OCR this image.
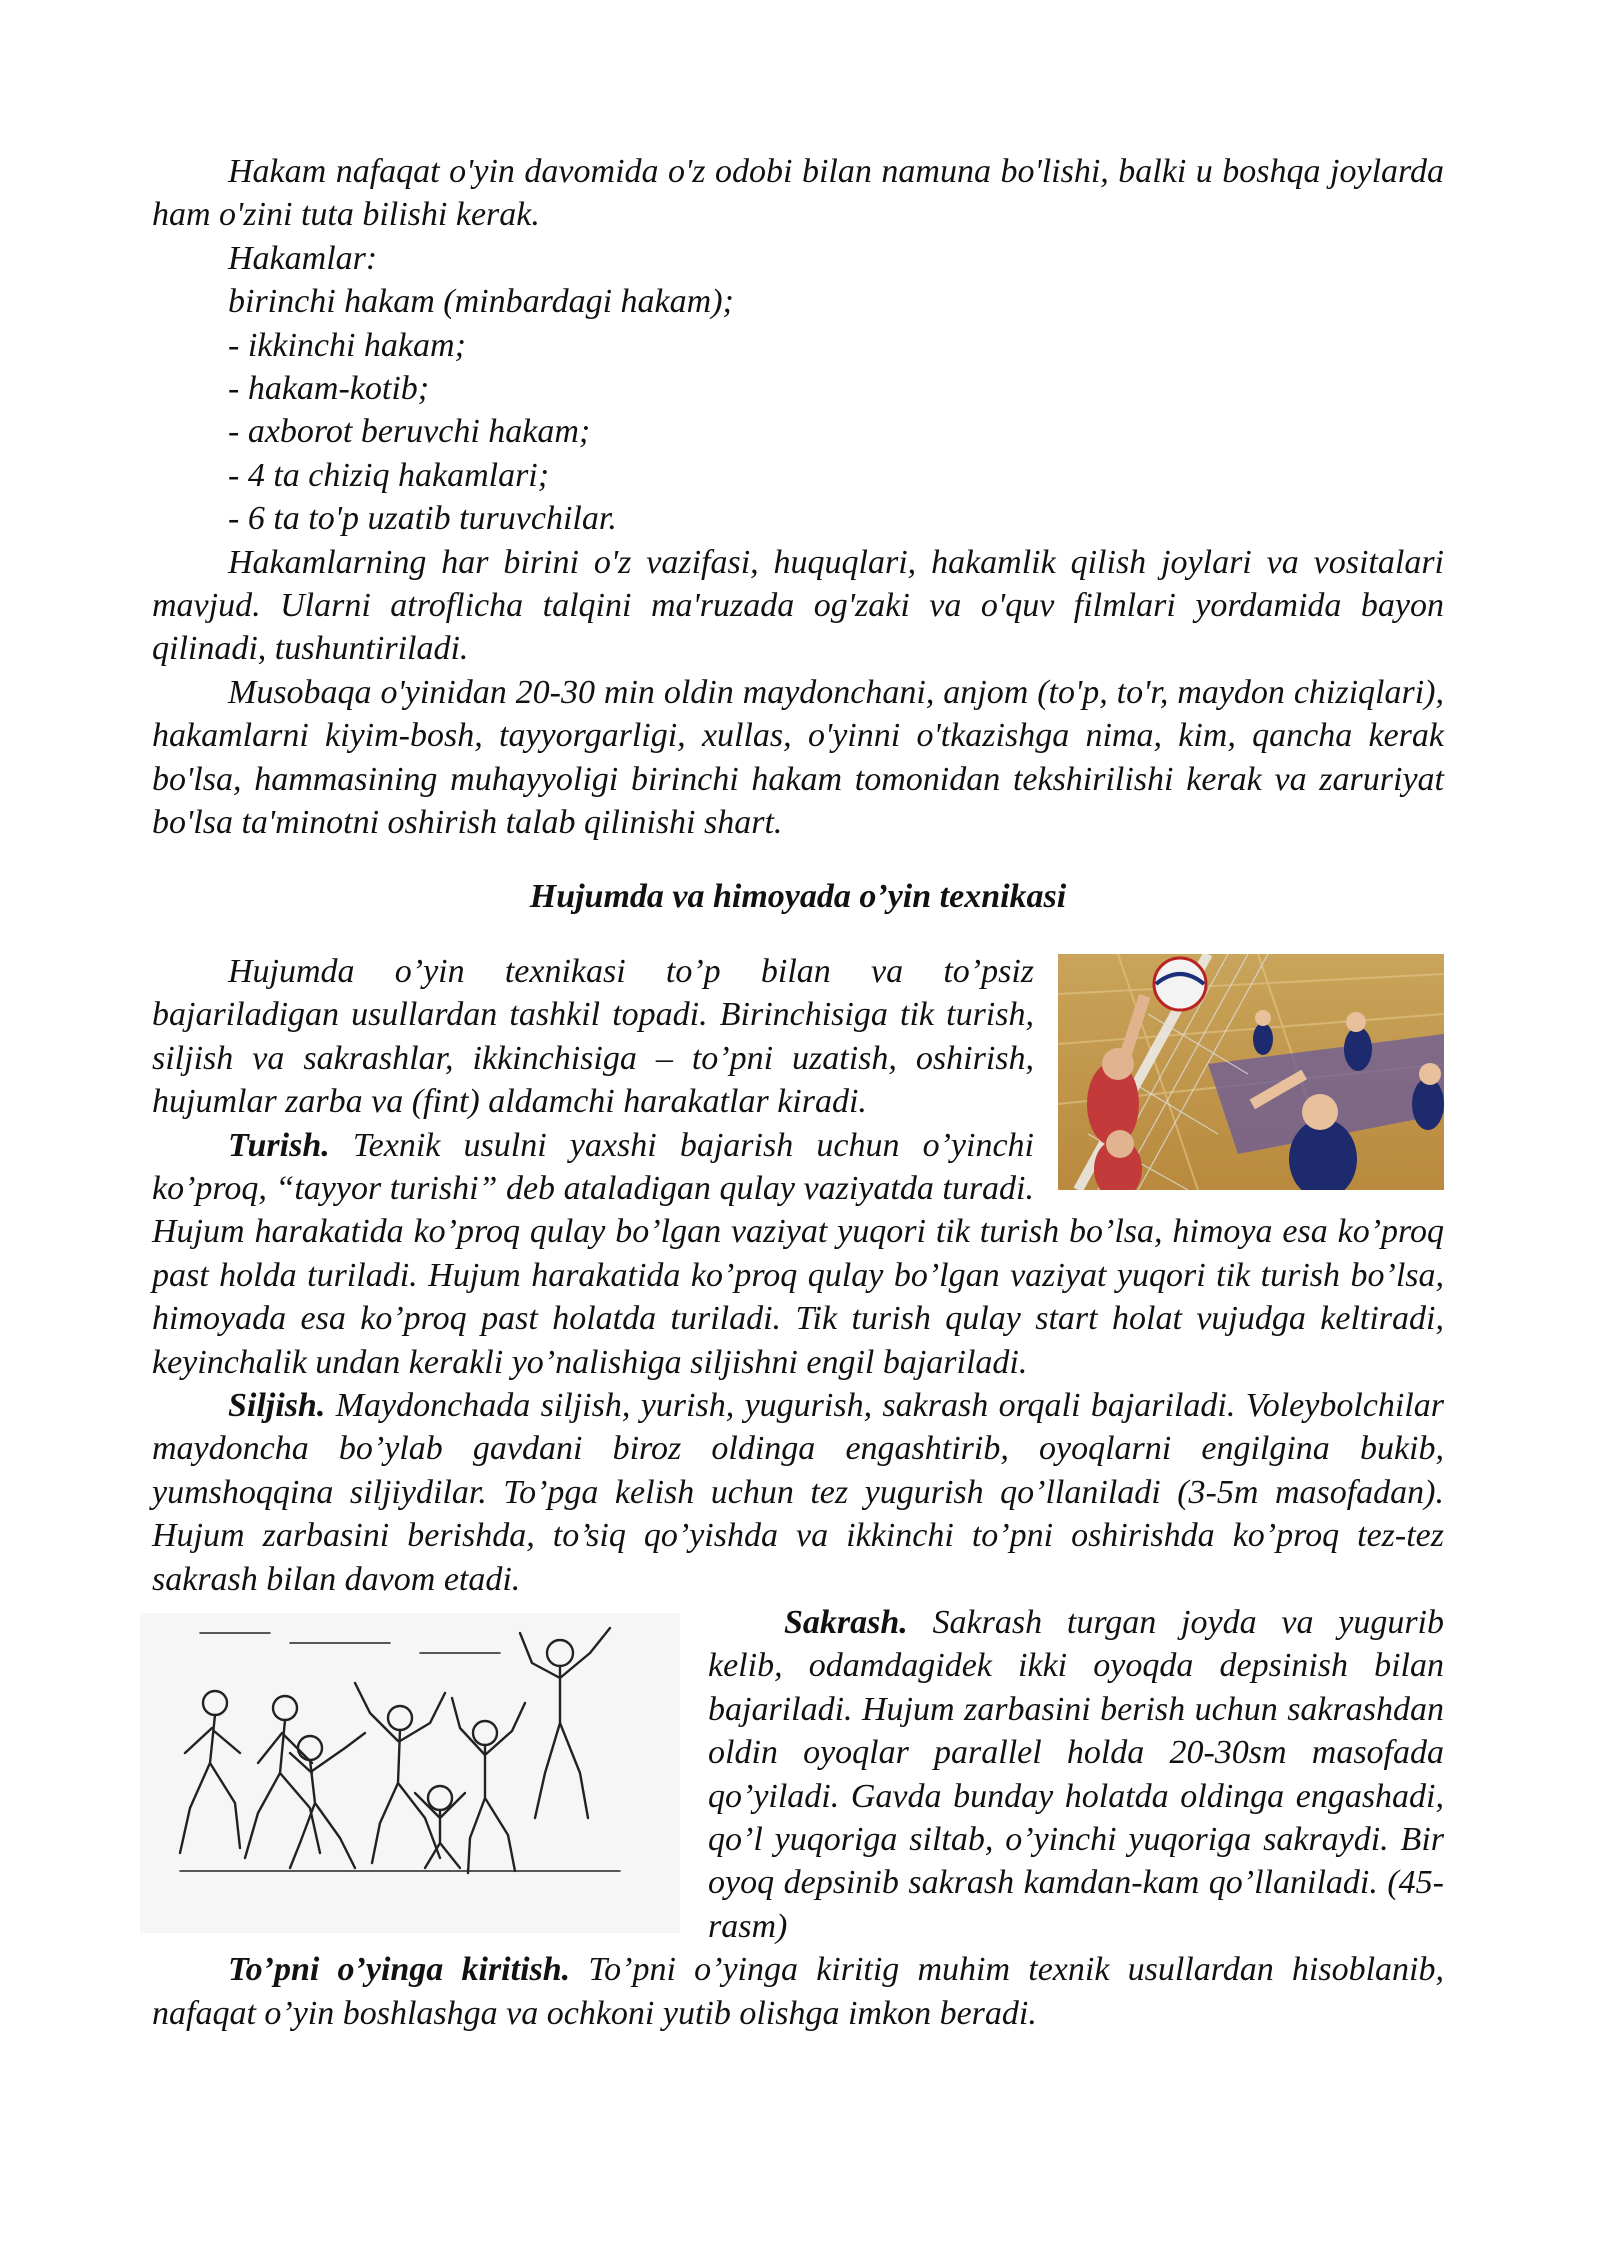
Hakam nafaqat o'yin davomida o'z odobi bilan namuna bo'lishi, balki u boshqa joylarda ham o'zini tuta bilishi kerak.

Hakamlar:
birinchi hakam (minbardagi hakam);
- ikkinchi hakam;
- hakam-kotib;
- axborot beruvchi hakam;
- 4 ta chiziq hakamlari;
- 6 ta to'p uzatib turuvchilar.

Hakamlarning har birini o'z vazifasi, huquqlari, hakamlik qilish joylari va vositalari mavjud. Ularni atroflicha talqini ma'ruzada og'zaki va o'quv filmlari yordamida bayon qilinadi, tushuntiriladi.

Musobaqa o'yinidan 20-30 min oldin maydonchani, anjom (to'p, to'r, maydon chiziqlari), hakamlarni kiyim-bosh, tayyorgarligi, xullas, o'yinni o'tkazishga nima, kim, qancha kerak bo'lsa, hammasining muhayyoligi birinchi hakam tomonidan tekshirilishi kerak va zaruriyat bo'lsa ta'minotni oshirish talab qilinishi shart.

Hujumda va himoyada o’yin texnikasi

Hujumda o’yin texnikasi to’p bilan va to’psiz bajariladigan usullardan tashkil topadi. Birinchisiga tik turish, siljish va sakrashlar, ikkinchisiga – to’pni uzatish, oshirish, hujumlar zarba va (fint) aldamchi harakatlar kiradi.

Turish. Texnik usulni yaxshi bajarish uchun o’yinchi ko’proq, “tayyor turishi” deb ataladigan qulay vaziyatda turadi. Hujum harakatida ko’proq qulay bo’lgan vaziyat yuqori tik turish bo’lsa, himoya esa ko’proq past holda turiladi. Hujum harakatida ko’proq qulay bo’lgan vaziyat yuqori tik turish bo’lsa, himoyada esa ko’proq past holatda turiladi. Tik turish qulay start holat vujudga keltiradi, keyinchalik undan kerakli yo’nalishiga siljishni engil bajariladi.

Siljish. Maydonchada siljish, yurish, yugurish, sakrash orqali bajariladi. Voleybolchilar maydoncha bo’ylab gavdani biroz oldinga engashtirib, oyoqlarni engilgina bukib, yumshoqqina siljiydilar. To’pga kelish uchun tez yugurish qo’llaniladi (3-5m masofadan). Hujum zarbasini berishda, to’siq qo’yishda va ikkinchi to’pni oshirishda ko’proq tez-tez sakrash bilan davom etadi.

Sakrash. Sakrash turgan joyda va yugurib kelib, odamdagidek ikki oyoqda depsinish bilan bajariladi. Hujum zarbasini berish uchun sakrashdan oldin oyoqlar parallel holda 20-30sm masofada qo’yiladi. Gavda bunday holatda oldinga engashadi, qo’l yuqoriga siltab, o’yinchi yuqoriga sakraydi. Bir oyoq depsinib sakrash kamdan-kam qo’llaniladi. (45-rasm)

To’pni o’yinga kiritish. To’pni o’yinga kiritig muhim texnik usullardan hisoblanib, nafaqat o’yin boshlashga va ochkoni yutib olishga imkon beradi.
